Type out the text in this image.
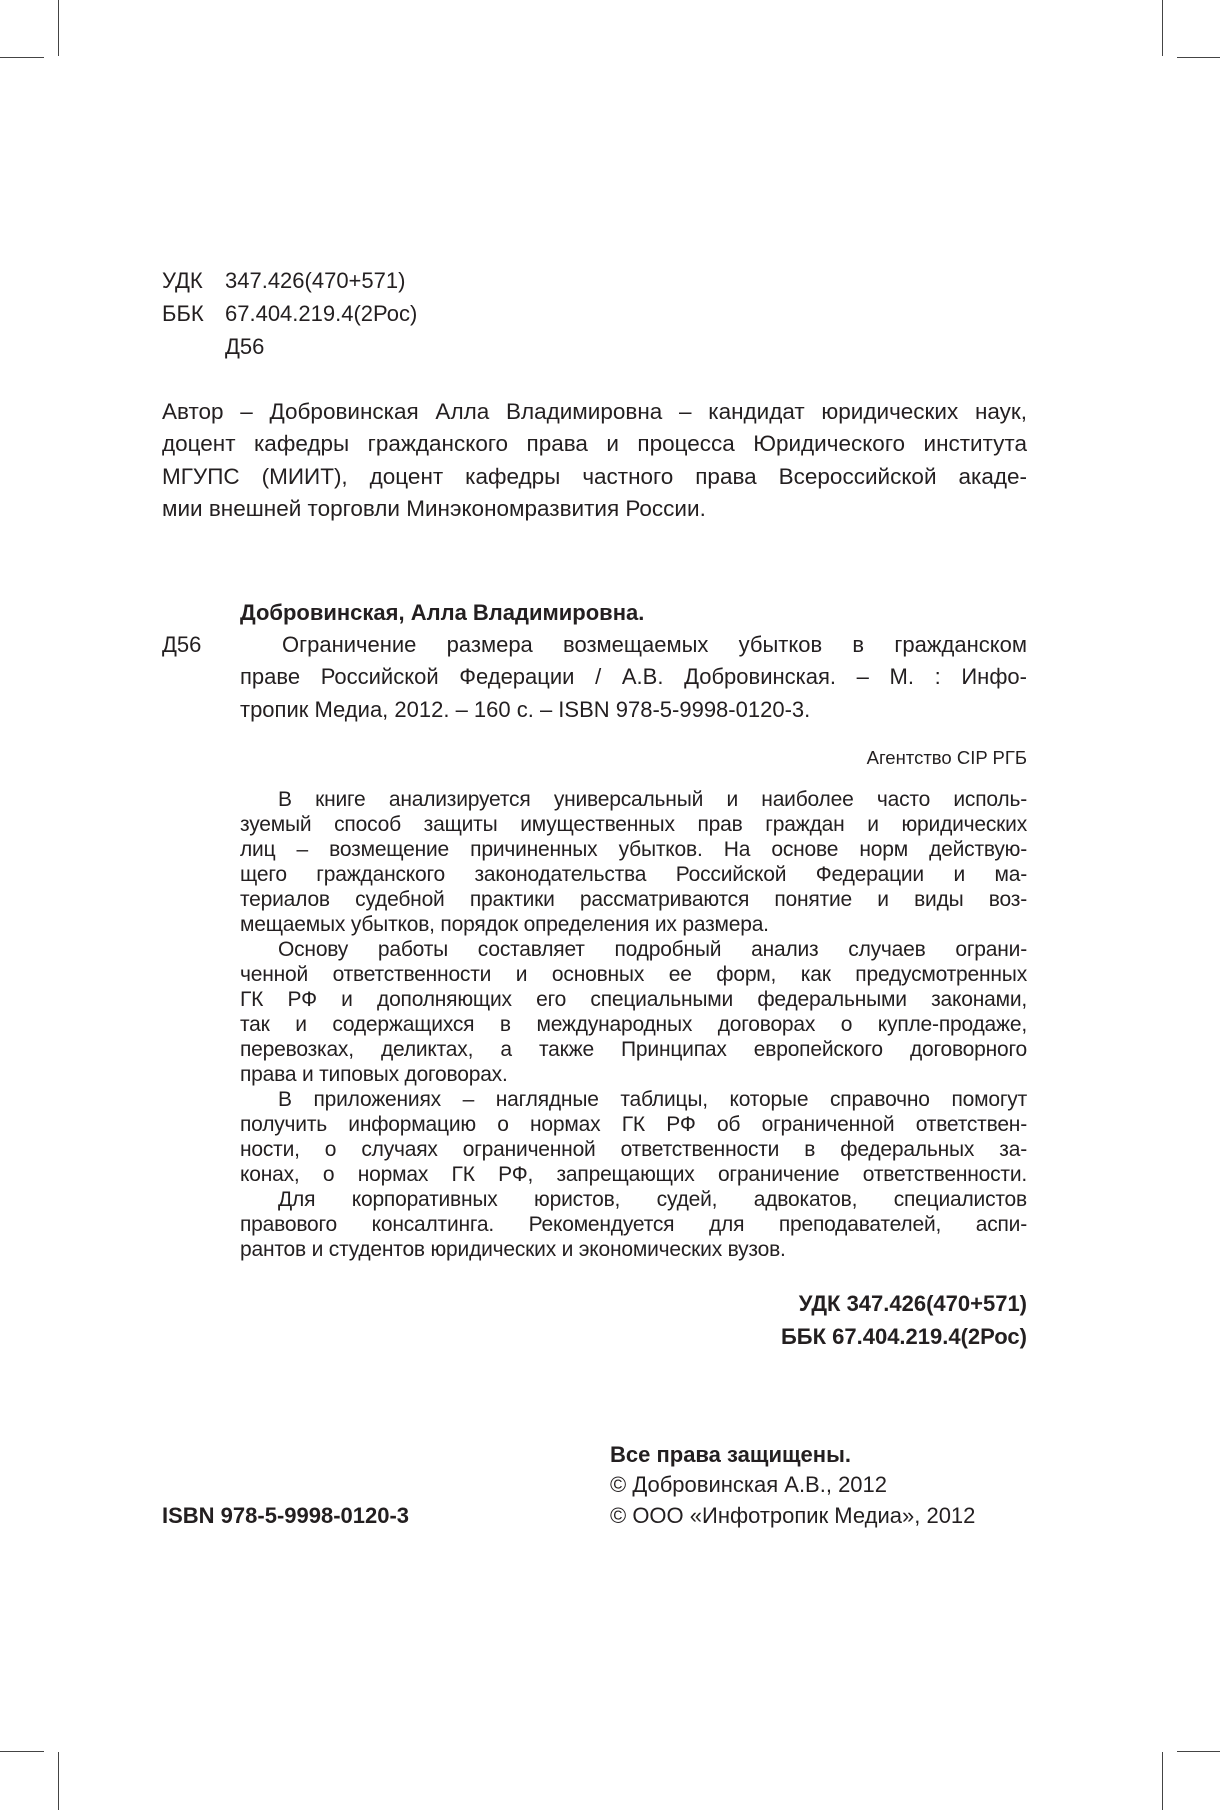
УДК 347.426(470+571)
ББК 67.404.219.4(2Рос)
Д56
Автор – Добровинская Алла Владимировна – кандидат юридических наук,
доцент кафедры гражданского права и процесса Юридического института
МГУПС (МИИТ), доцент кафедры частного права Всероссийской акаде-
мии внешней торговли Минэкономразвития России.
Добровинская, Алла Владимировна.
Д56	Ограничение размера возмещаемых убытков в гражданском
праве Российской Федерации / А.В. Добровинская. – М. : Инфо-
тропик Медиа, 2012. – 160 с. – ISBN 978-5-9998-0120-3.
Агентство CIP РГБ
В книге анализируется универсальный и наиболее часто исполь-
зуемый способ защиты имущественных прав граждан и юридических
лиц – возмещение причиненных убытков. На основе норм действую-
щего гражданского законодательства Российской Федерации и ма-
териалов судебной практики рассматриваются понятие и виды воз-
мещаемых убытков, порядок определения их размера.
Основу работы составляет подробный анализ случаев ограни-
ченной ответственности и основных ее форм, как предусмотренных
ГК РФ и дополняющих его специальными федеральными законами,
так и содержащихся в международных договорах о купле-продаже,
перевозках, деликтах, а также Принципах европейского договорного
права и типовых договорах.
В приложениях – наглядные таблицы, которые справочно помогут
получить информацию о нормах ГК РФ об ограниченной ответствен-
ности, о случаях ограниченной ответственности в федеральных за-
конах, о нормах ГК РФ, запрещающих ограничение ответственности.
Для корпоративных юристов, судей, адвокатов, специалистов
правового консалтинга. Рекомендуется для преподавателей, аспи-
рантов и студентов юридических и экономических вузов.
УДК 347.426(470+571)
ББК 67.404.219.4(2Рос)
Все права защищены.
© Добровинская А.В., 2012
© ООО «Инфотропик Медиа», 2012
ISBN 978-5-9998-0120-3
